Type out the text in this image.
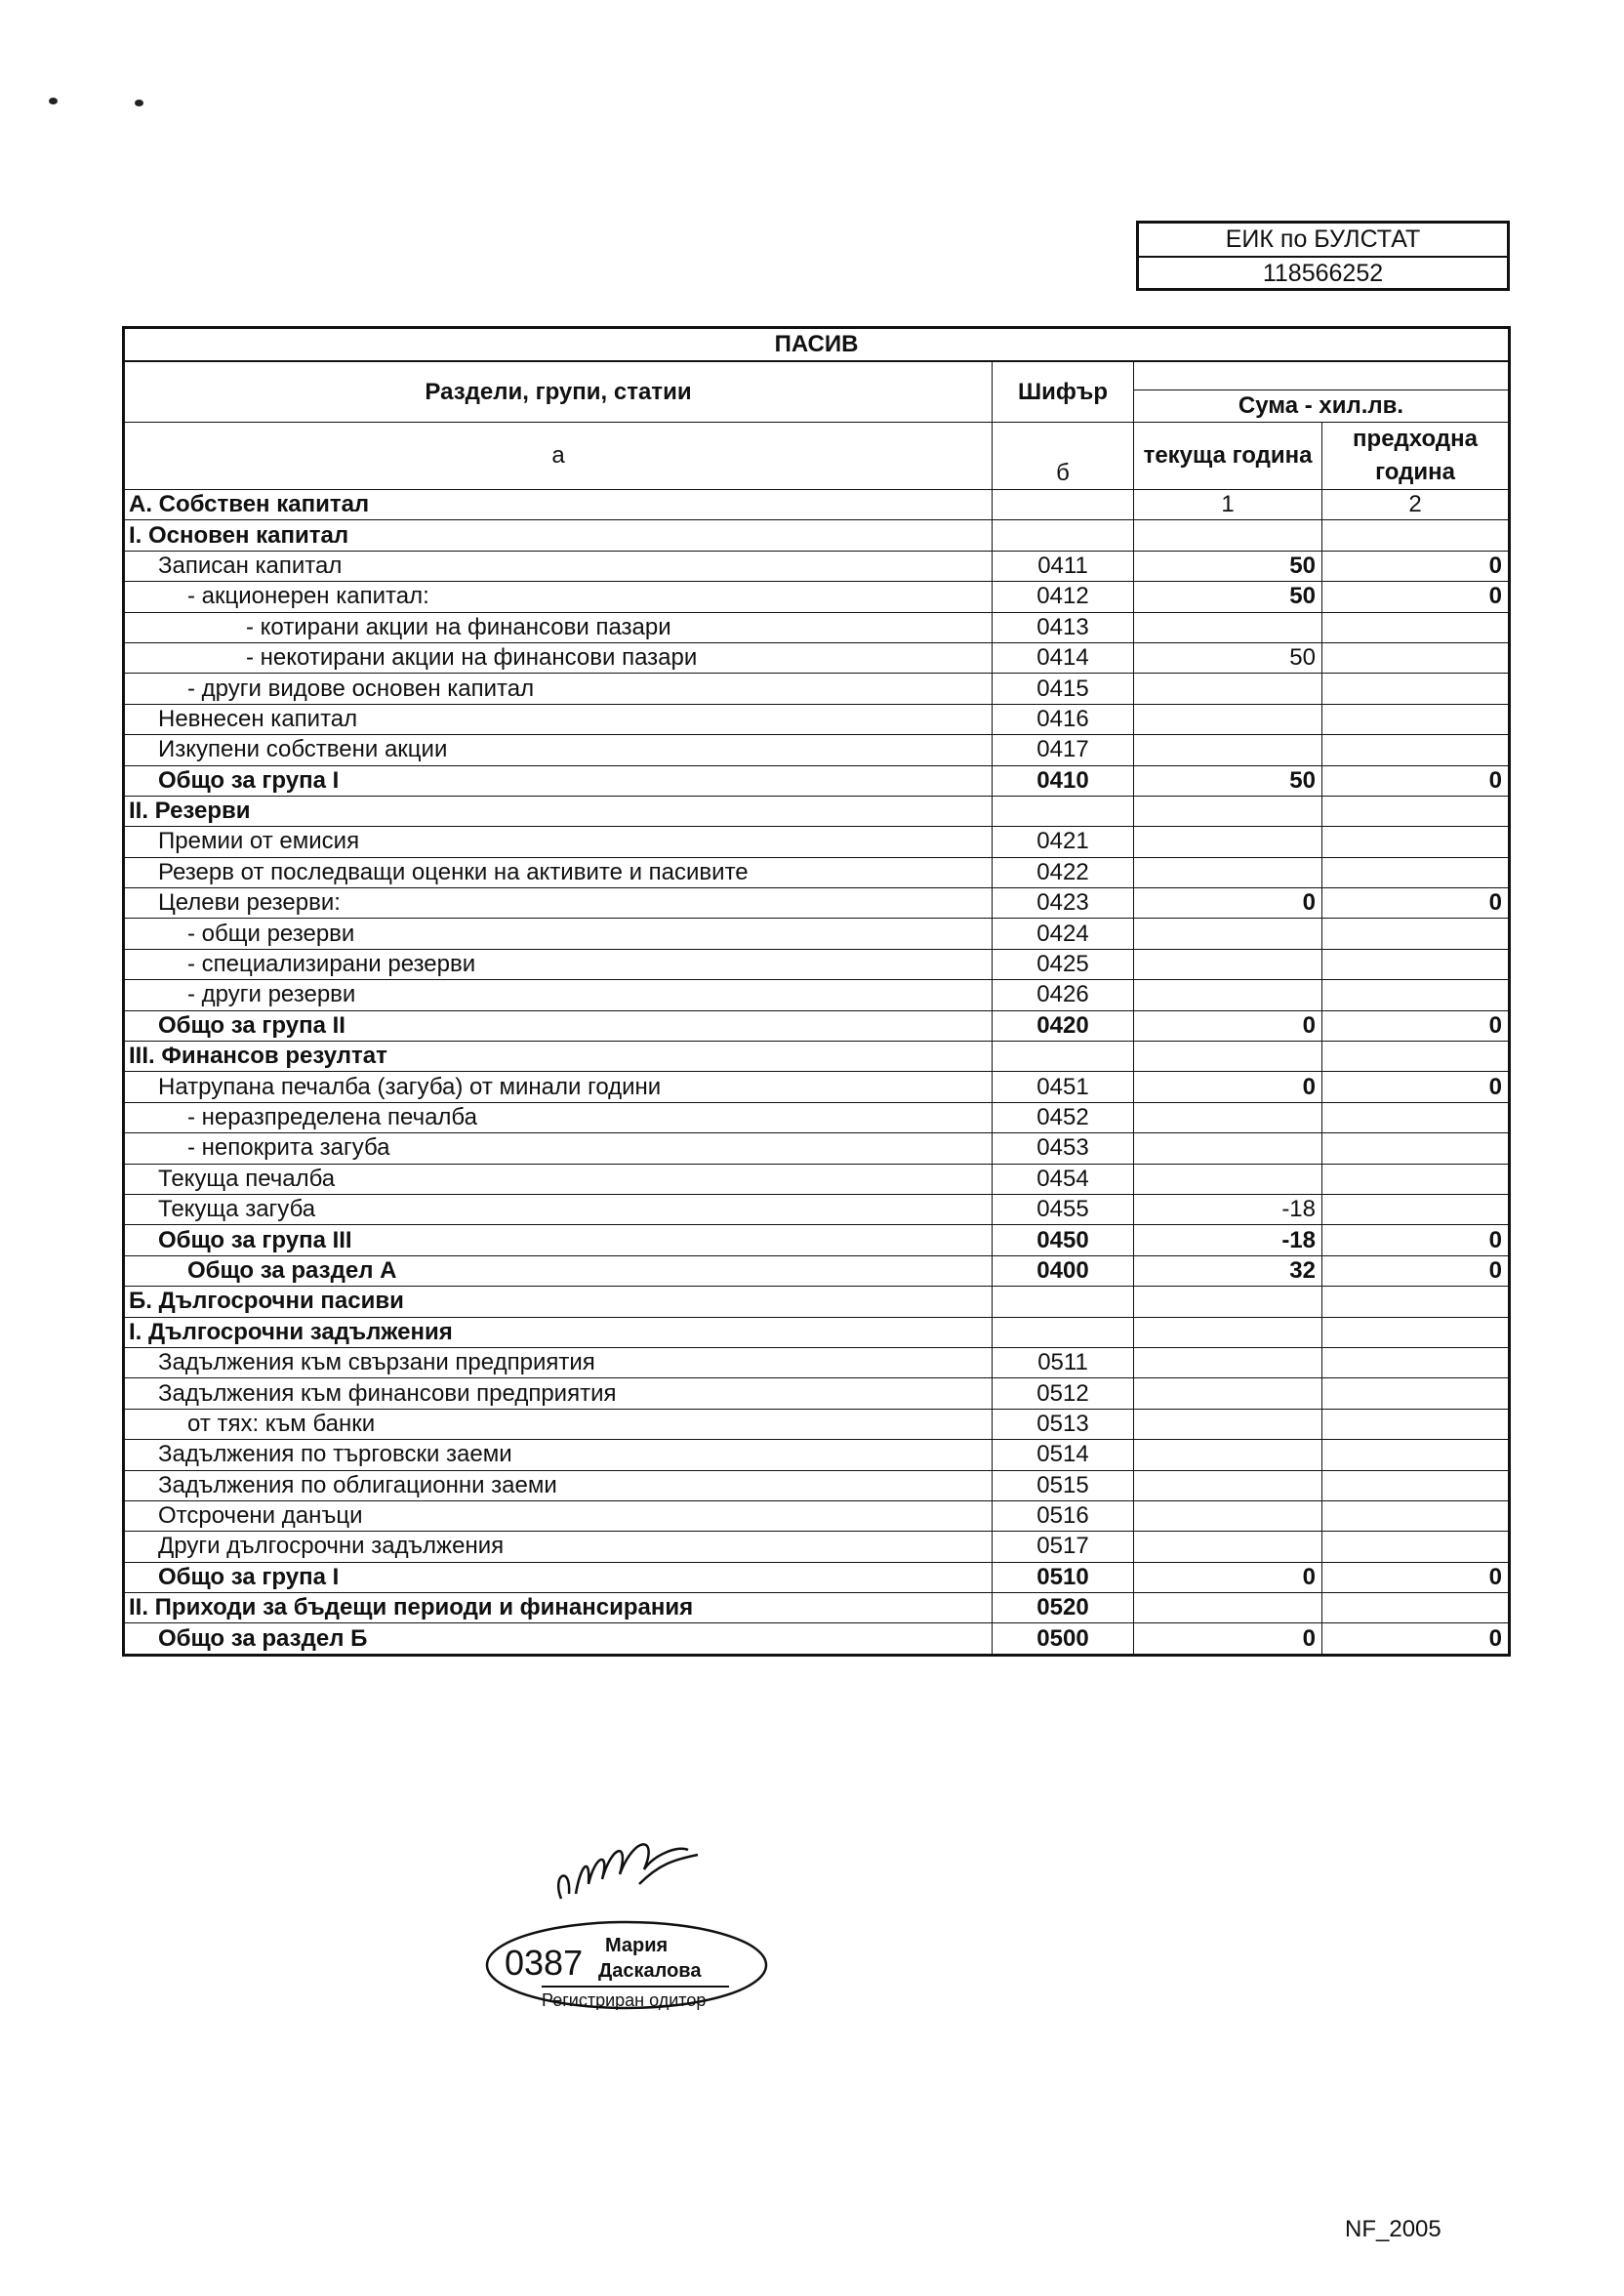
ЕИК по БУЛСТАТ
118566252
ПАСИВ			
Раздели, групи, статии	Шифър		
		Сума - хил.лв.	
а	б	текуща година	предходна година

А. Собствен капитал		1	2
I. Основен капитал			
Записан капитал	0411	50	0
- акционерен капитал:	0412	50	0
- котирани акции на финансови пазари	0413		
- некотирани акции на финансови пазари	0414	50	
- други видове основен капитал	0415		
Невнесен капитал	0416		
Изкупени собствени акции	0417		
Общо за група I	0410	50	0
II. Резерви			
Премии от емисия	0421		
Резерв от последващи оценки на активите и пасивите	0422		
Целеви резерви:	0423	0	0
- общи резерви	0424		
- специализирани резерви	0425		
- други резерви	0426		
Общо за група II	0420	0	0
III. Финансов резултат			
Натрупана печалба (загуба) от минали години	0451	0	0
- неразпределена печалба	0452		
- непокрита загуба	0453		
Текуща печалба	0454		
Текуща загуба	0455	-18	
Общо за група III	0450	-18	0
Общо за раздел А	0400	32	0
Б. Дългосрочни пасиви			
I. Дългосрочни задължения			
Задължения към свързани предприятия	0511		
Задължения към финансови предприятия	0512		
от тях: към банки	0513		
Задължения по търговски заеми	0514		
Задължения по облигационни заеми	0515		
Отсрочени данъци	0516		
Други дългосрочни задължения	0517		
Общо за група I	0510	0	0
II. Приходи за бъдещи периоди и финансирания	0520		
Общо за раздел Б	0500	0	0
0387 Мария
Даскалова
Регистриран одитор
NF_2005
